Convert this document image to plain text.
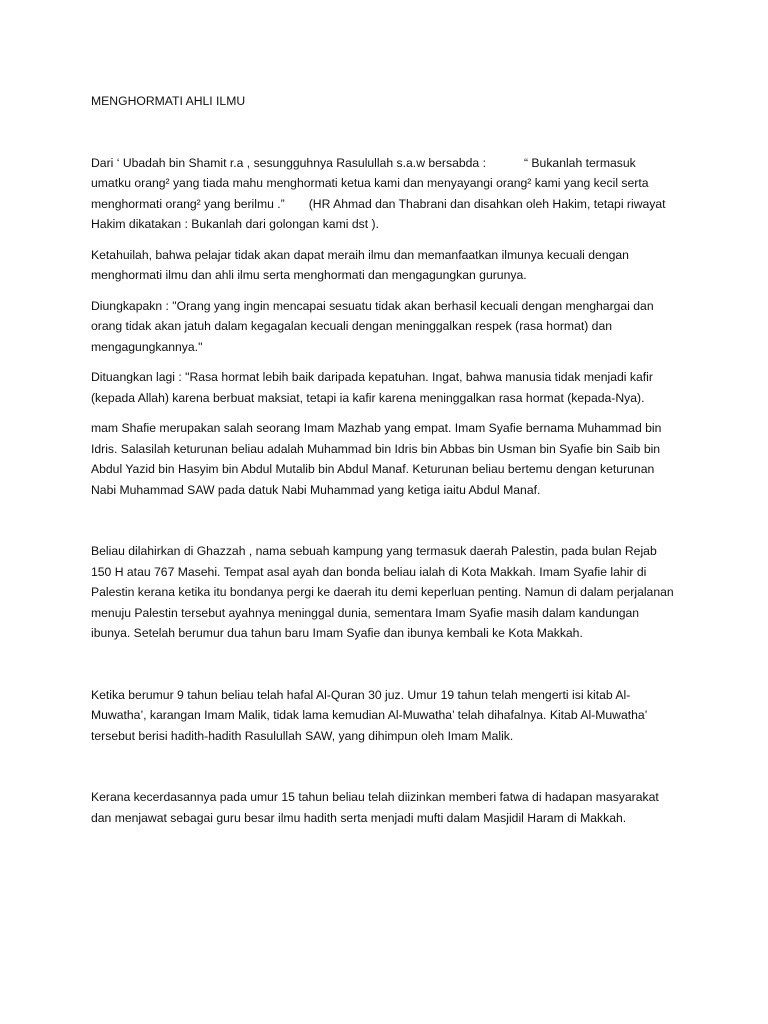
MENGHORMATI AHLI ILMU

Dari ‘ Ubadah bin Shamit r.a , sesungguhnya Rasulullah s.a.w bersabda :	“ Bukanlah termasuk umatku orang² yang tiada mahu menghormati ketua kami dan menyayangi orang² kami yang kecil serta menghormati orang² yang berilmu .” (HR Ahmad dan Thabrani dan disahkan oleh Hakim, tetapi riwayat Hakim dikatakan : Bukanlah dari golongan kami dst ).

Ketahuilah, bahwa pelajar tidak akan dapat meraih ilmu dan memanfaatkan ilmunya kecuali dengan menghormati ilmu dan ahli ilmu serta menghormati dan mengagungkan gurunya.

Diungkapakn : "Orang yang ingin mencapai sesuatu tidak akan berhasil kecuali dengan menghargai dan orang tidak akan jatuh dalam kegagalan kecuali dengan meninggalkan respek (rasa hormat) dan mengagungkannya."

Dituangkan lagi : "Rasa hormat lebih baik daripada kepatuhan. Ingat, bahwa manusia tidak menjadi kafir (kepada Allah) karena berbuat maksiat, tetapi ia kafir karena meninggalkan rasa hormat (kepada-Nya).

mam Shafie merupakan salah seorang Imam Mazhab yang empat. Imam Syafie bernama Muhammad bin Idris. Salasilah keturunan beliau adalah Muhammad bin Idris bin Abbas bin Usman bin Syafie bin Saib bin Abdul Yazid bin Hasyim bin Abdul Mutalib bin Abdul Manaf. Keturunan beliau bertemu dengan keturunan Nabi Muhammad SAW pada datuk Nabi Muhammad yang ketiga iaitu Abdul Manaf.

Beliau dilahirkan di Ghazzah , nama sebuah kampung yang termasuk daerah Palestin, pada bulan Rejab 150 H atau 767 Masehi. Tempat asal ayah dan bonda beliau ialah di Kota Makkah. Imam Syafie lahir di Palestin kerana ketika itu bondanya pergi ke daerah itu demi keperluan penting. Namun di dalam perjalanan menuju Palestin tersebut ayahnya meninggal dunia, sementara Imam Syafie masih dalam kandungan ibunya. Setelah berumur dua tahun baru Imam Syafie dan ibunya kembali ke Kota Makkah.

Ketika berumur 9 tahun beliau telah hafal Al-Quran 30 juz. Umur 19 tahun telah mengerti isi kitab Al-Muwatha’, karangan Imam Malik, tidak lama kemudian Al-Muwatha’ telah dihafalnya. Kitab Al-Muwatha’ tersebut berisi hadith-hadith Rasulullah SAW, yang dihimpun oleh Imam Malik.

Kerana kecerdasannya pada umur 15 tahun beliau telah diizinkan memberi fatwa di hadapan masyarakat dan menjawat sebagai guru besar ilmu hadith serta menjadi mufti dalam Masjidil Haram di Makkah.
